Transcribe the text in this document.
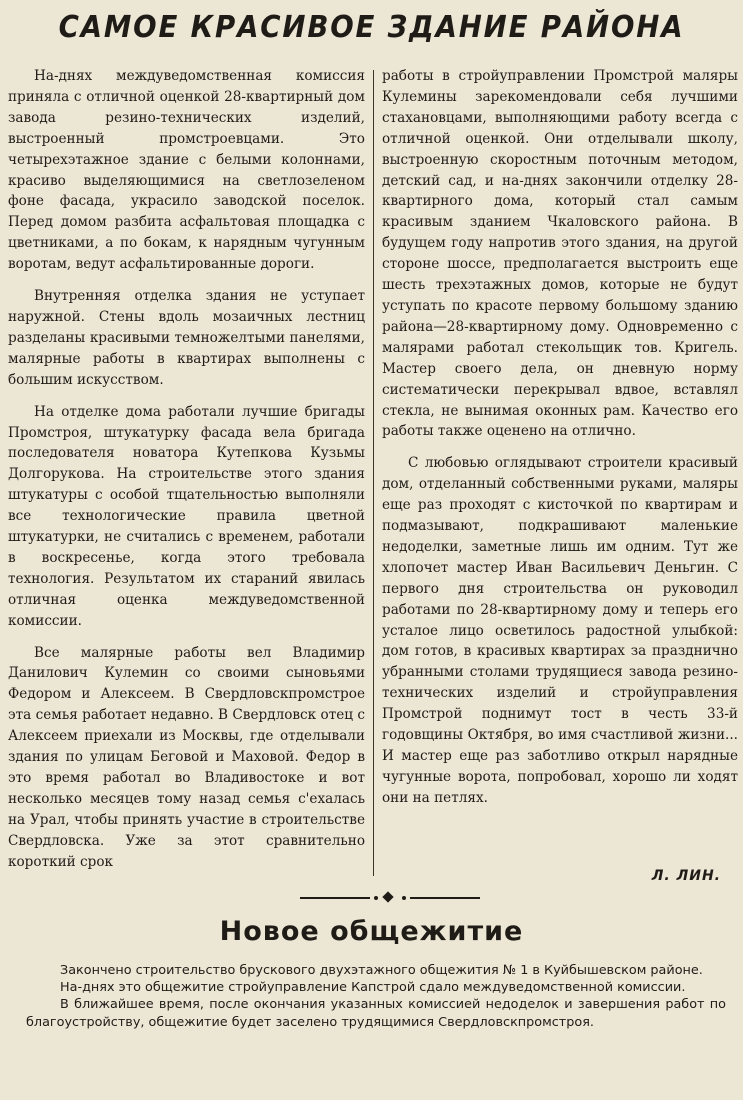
САМОЕ КРАСИВОЕ ЗДАНИЕ РАЙОНА

На-днях междуведомственная комиссия приняла с отличной оценкой 28-квартирный дом завода резино-технических изделий, выстроенный промстроевцами. Это четырехэтажное здание с белыми колоннами, красиво выделяющимися на светлозеленом фоне фасада, украсило заводской поселок. Перед домом разбита асфальтовая площадка с цветниками, а по бокам, к нарядным чугунным воротам, ведут асфальтированные дороги.

Внутренняя отделка здания не уступает наружной. Стены вдоль мозаичных лестниц разделаны красивыми темножелтыми панелями, малярные работы в квартирах выполнены с большим искусством.

На отделке дома работали лучшие бригады Промстроя, штукатурку фасада вела бригада последователя новатора Кутепкова Кузьмы Долгорукова. На строительстве этого здания штукатуры с особой тщательностью выполняли все технологические правила цветной штукатурки, не считались с временем, работали в воскресенье, когда этого требовала технология. Результатом их стараний явилась отличная оценка междуведомственной комиссии.

Все малярные работы вел Владимир Данилович Кулемин со своими сыновьями Федором и Алексеем. В Свердловскпромстрое эта семья работает недавно. В Свердловск отец с Алексеем приехали из Москвы, где отделывали здания по улицам Беговой и Маховой. Федор в это время работал во Владивостоке и вот несколько месяцев тому назад семья с'ехалась на Урал, чтобы принять участие в строительстве Свердловска. Уже за этот сравнительно короткий срок

работы в стройуправлении Промстрой маляры Кулемины зарекомендовали себя лучшими стахановцами, выполняющими работу всегда с отличной оценкой. Они отделывали школу, выстроенную скоростным поточным методом, детский сад, и на-днях закончили отделку 28-квартирного дома, который стал самым красивым зданием Чкаловского района. В будущем году напротив этого здания, на другой стороне шоссе, предполагается выстроить еще шесть трехэтажных домов, которые не будут уступать по красоте первому большому зданию района—28-квартирному дому. Одновременно с малярами работал стекольщик тов. Кригель. Мастер своего дела, он дневную норму систематически перекрывал вдвое, вставлял стекла, не вынимая оконных рам. Качество его работы также оценено на отлично.

С любовью оглядывают строители красивый дом, отделанный собственными руками, маляры еще раз проходят с кисточкой по квартирам и подмазывают, подкрашивают маленькие недоделки, заметные лишь им одним. Тут же хлопочет мастер Иван Васильевич Деньгин. С первого дня строительства он руководил работами по 28-квартирному дому и теперь его усталое лицо осветилось радостной улыбкой: дом готов, в красивых квартирах за празднично убранными столами трудящиеся завода резино-технических изделий и стройуправления Промстрой поднимут тост в честь 33-й годовщины Октября, во имя счастливой жизни... И мастер еще раз заботливо открыл нарядные чугунные ворота, попробовал, хорошо ли ходят они на петлях.

Л. ЛИН.
Новое общежитие

Закончено строительство брускового двухэтажного общежития № 1 в Куйбышевском районе.

На-днях это общежитие стройуправление Капстрой сдало междуведомственной комиссии.

В ближайшее время, после окончания указанных комиссией недоделок и завершения работ по благоустройству, общежитие будет заселено трудящимися Свердловскпромстроя.
